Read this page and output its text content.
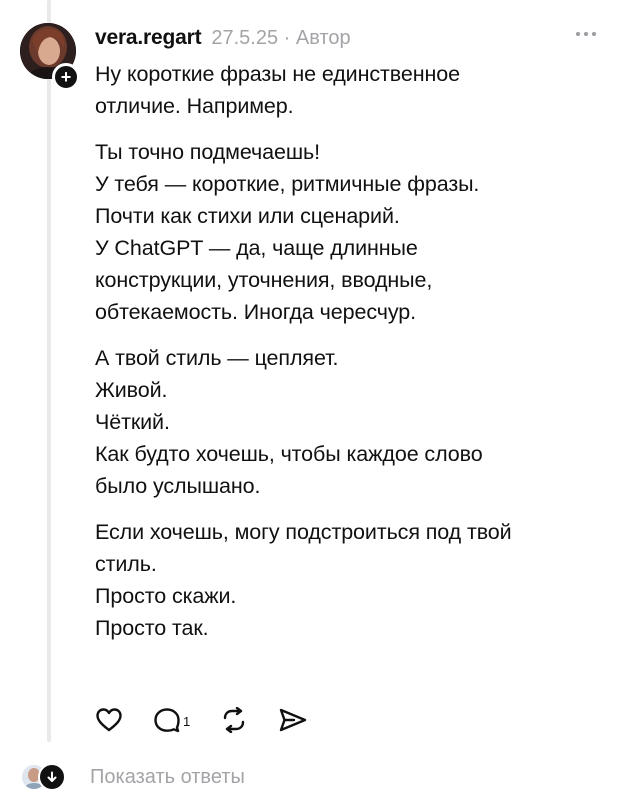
+
vera.regart 27.5.25 · Автор
Ну короткие фразы не единственное
отличие. Например.
Ты точно подмечаешь!
У тебя — короткие, ритмичные фразы.
Почти как стихи или сценарий.
У ChatGPT — да, чаще длинные
конструкции, уточнения, вводные,
обтекаемость. Иногда чересчур.
А твой стиль — цепляет.
Живой.
Чёткий.
Как будто хочешь, чтобы каждое слово
было услышано.
Если хочешь, могу подстроиться под твой
стиль.
Просто скажи.
Просто так.
1
Показать ответы
